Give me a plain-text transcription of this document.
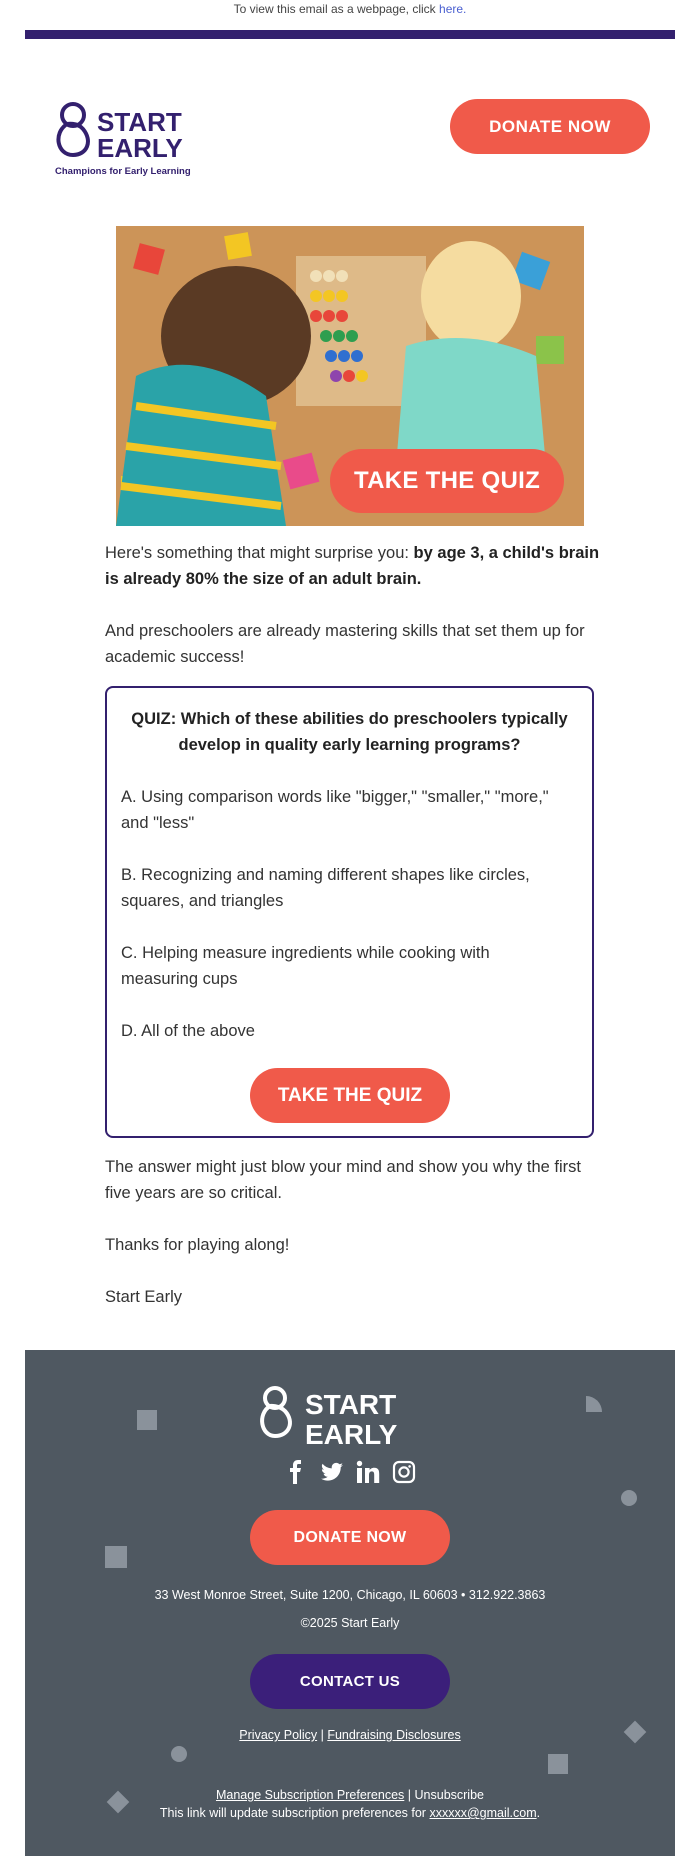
To view this email as a webpage, click here.
START
EARLY
Champions for Early Learning
DONATE NOW
TAKE THE QUIZ
Here's something that might surprise you: by age 3, a child's brain is already 80% the size of an adult brain.
And preschoolers are already mastering skills that set them up for academic success!
QUIZ: Which of these abilities do preschoolers typically develop in quality early learning programs?
A. Using comparison words like "bigger," "smaller," "more," and "less"
B. Recognizing and naming different shapes like circles, squares, and triangles
C. Helping measure ingredients while cooking with measuring cups
D. All of the above
TAKE THE QUIZ
The answer might just blow your mind and show you why the first five years are so critical.
Thanks for playing along!
Start Early
START
EARLY
DONATE NOW
33 West Monroe Street, Suite 1200, Chicago, IL 60603 • 312.922.3863
©2025 Start Early
CONTACT US
Privacy Policy | Fundraising Disclosures
Manage Subscription Preferences | Unsubscribe
This link will update subscription preferences for xxxxxx@gmail.com.
